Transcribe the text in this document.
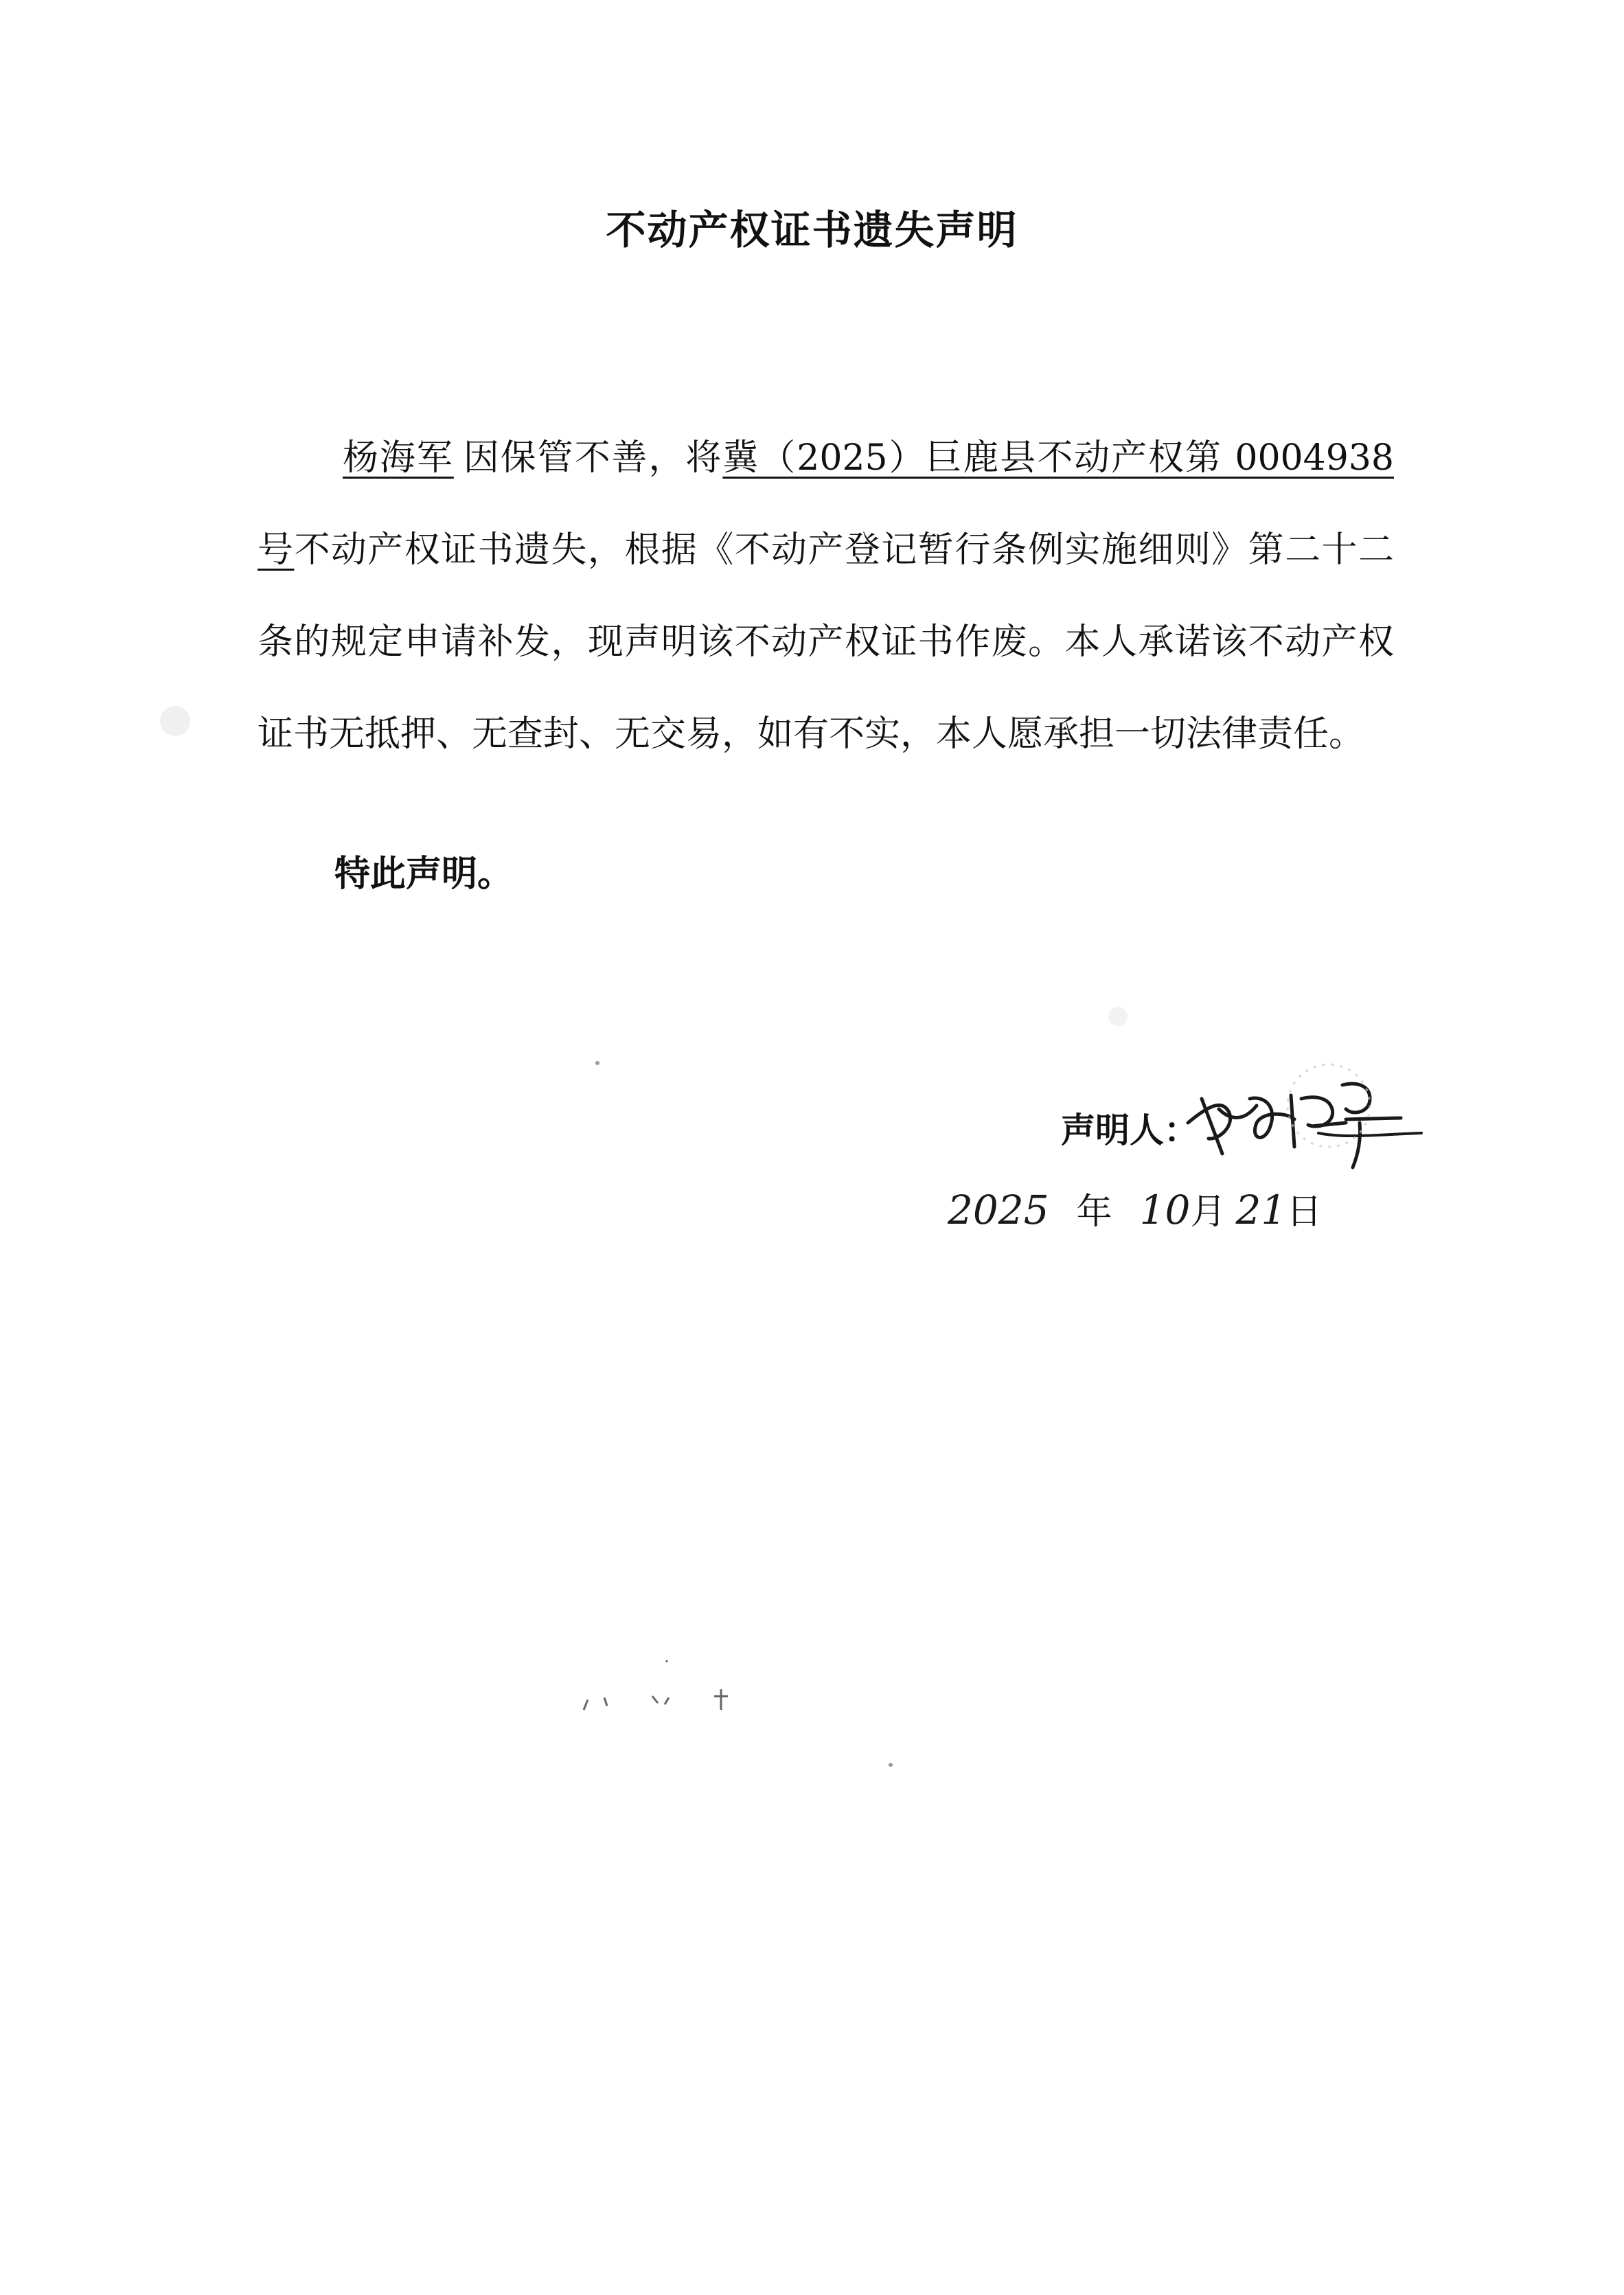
不动产权证书遗失声明
杨海军 因保管不善，将冀（2025）巨鹿县不动产权第 0004938 号不动产权证书遗失，根据《不动产登记暂行条例实施细则》第二十二条的规定申请补发，现声明该不动产权证书作废。本人承诺该不动产权证书无抵押、无查封、无交易，如有不实，本人愿承担一切法律责任。
特此声明。
声明人：
2025 年 10月 21日
